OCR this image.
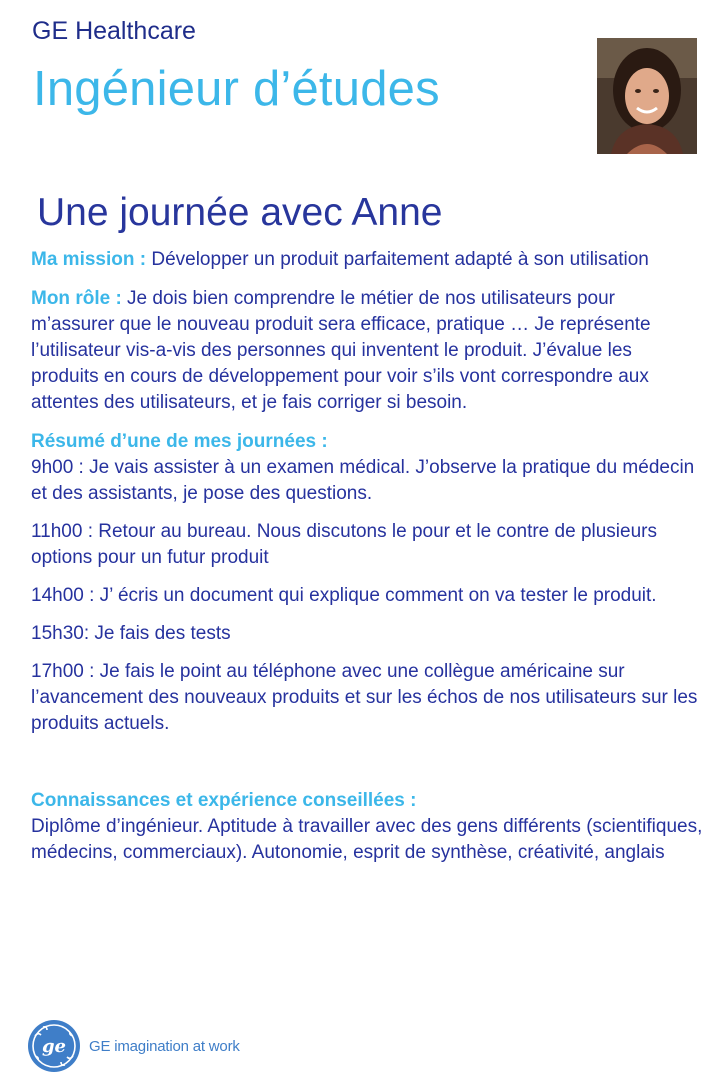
GE Healthcare
Ingénieur d’études
Une journée avec Anne

Ma mission : Développer un produit parfaitement adapté à son utilisation

Mon rôle : Je dois bien comprendre le métier de nos utilisateurs pour m’assurer que le nouveau produit sera efficace, pratique … Je représente l’utilisateur vis-a-vis des personnes qui inventent le produit. J’évalue les produits en cours de développement pour voir s’ils vont correspondre aux attentes des utilisateurs, et je fais corriger si besoin.

Résumé d’une de mes journées :

9h00 : Je vais assister à un examen médical. J’observe la pratique du médecin et des assistants, je pose des questions.

11h00 : Retour au bureau. Nous discutons le pour et le contre de plusieurs options pour un futur produit

14h00 : J’ écris un document qui explique comment on va tester le produit.

15h30: Je fais des tests

17h00 : Je fais le point au téléphone avec une collègue américaine sur l’avancement des nouveaux produits et sur les échos de nos utilisateurs sur les produits actuels.

Connaissances et expérience conseillées :

Diplôme d’ingénieur. Aptitude à travailler avec des gens différents (scientifiques, médecins, commerciaux). Autonomie, esprit de synthèse, créativité, anglais

ge GE imagination at work
